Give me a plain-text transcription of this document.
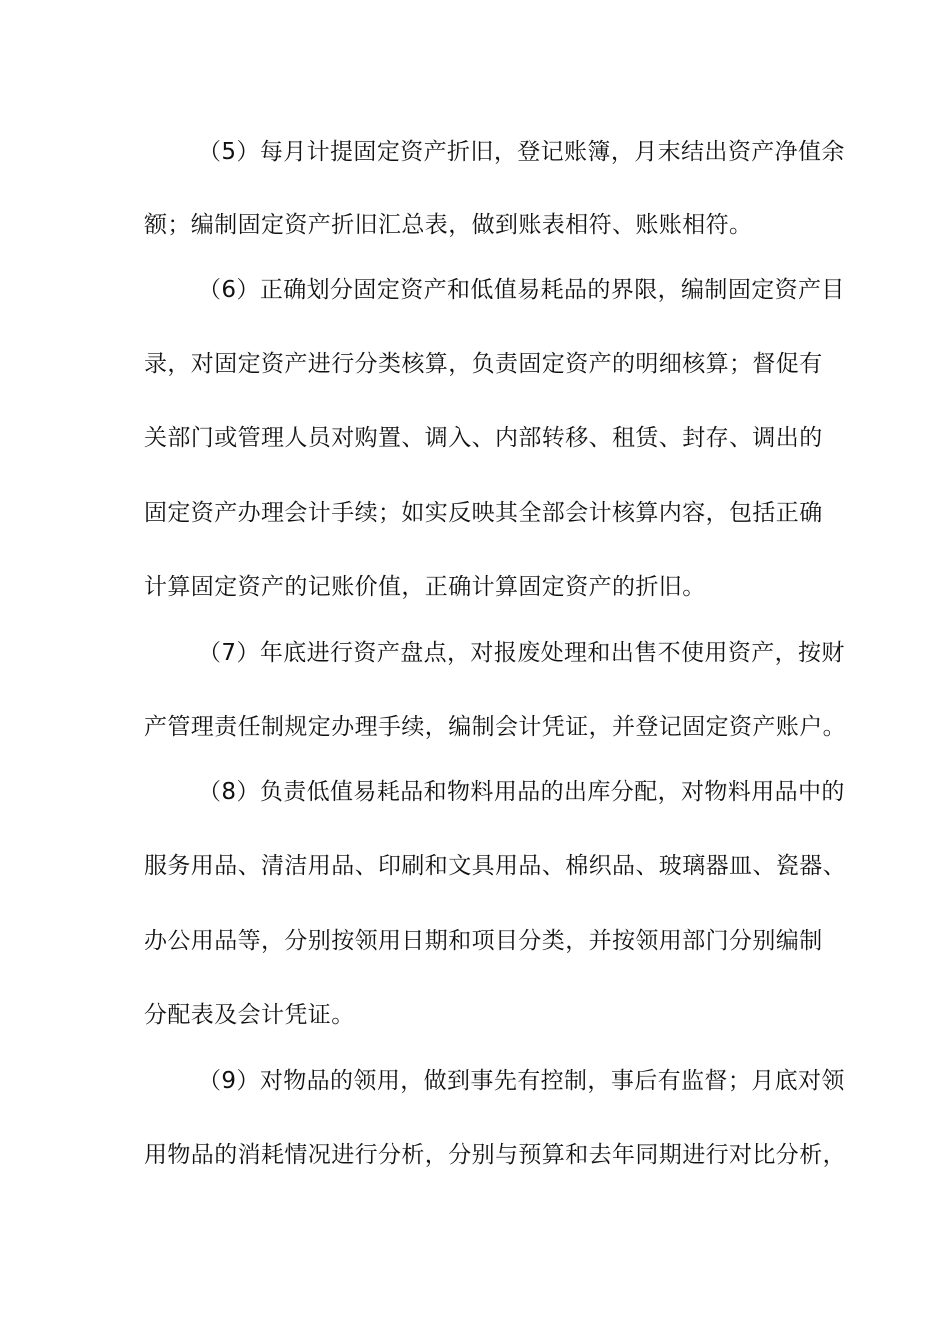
（5）每月计提固定资产折旧，登记账簿，月末结出资产净值余
额；编制固定资产折旧汇总表，做到账表相符、账账相符。
（6）正确划分固定资产和低值易耗品的界限，编制固定资产目
录，对固定资产进行分类核算，负责固定资产的明细核算；督促有
关部门或管理人员对购置、调入、内部转移、租赁、封存、调出的
固定资产办理会计手续；如实反映其全部会计核算内容，包括正确
计算固定资产的记账价值，正确计算固定资产的折旧。
（7）年底进行资产盘点，对报废处理和出售不使用资产，按财
产管理责任制规定办理手续，编制会计凭证，并登记固定资产账户。
（8）负责低值易耗品和物料用品的出库分配，对物料用品中的
服务用品、清洁用品、印刷和文具用品、棉织品、玻璃器皿、瓷器、
办公用品等，分别按领用日期和项目分类，并按领用部门分别编制
分配表及会计凭证。
（9）对物品的领用，做到事先有控制，事后有监督；月底对领
用物品的消耗情况进行分析，分别与预算和去年同期进行对比分析，
